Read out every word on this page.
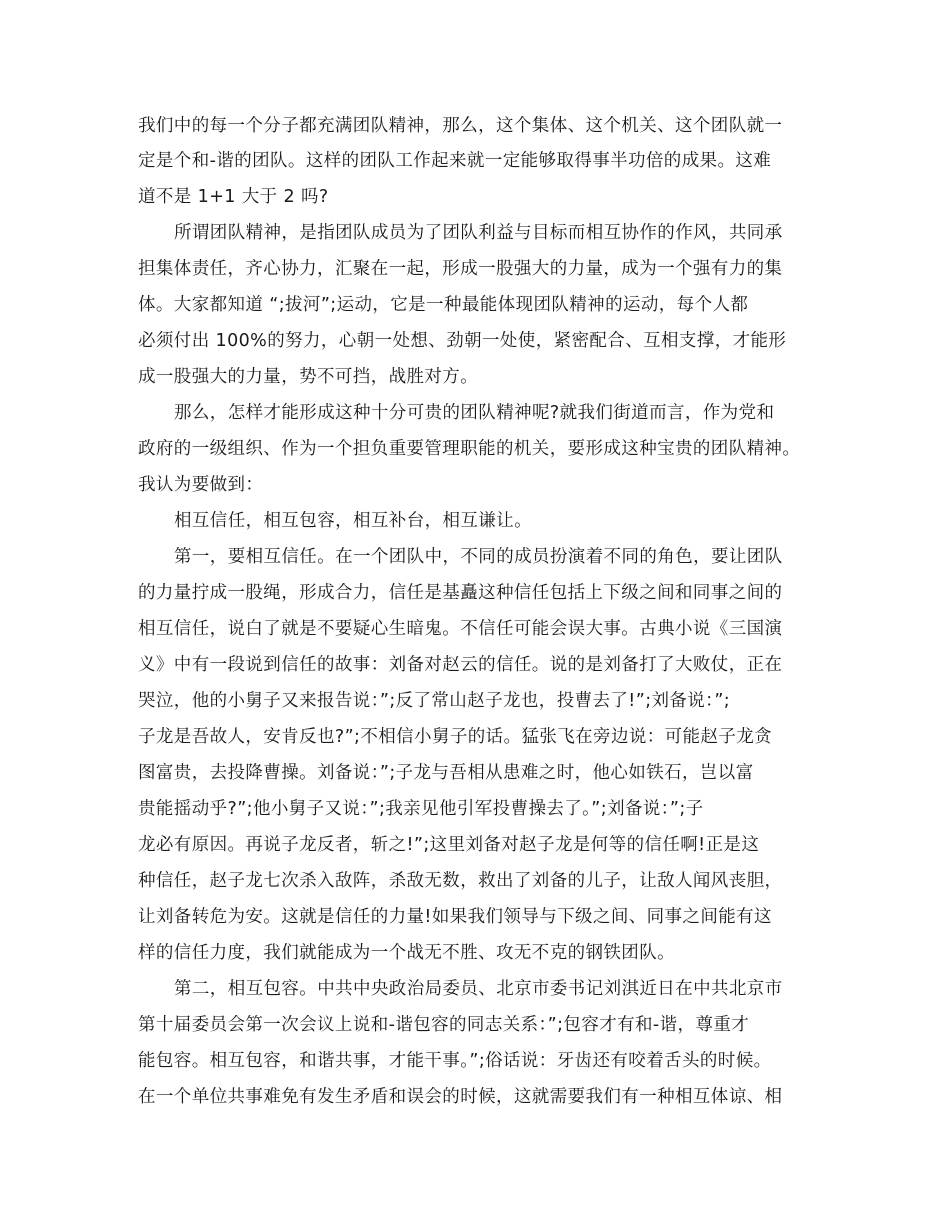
我们中的每一个分子都充满团队精神，那么，这个集体、这个机关、这个团队就一
定是个和-谐的团队。这样的团队工作起来就一定能够取得事半功倍的成果。这难
道不是 1+1 大于 2 吗?
所谓团队精神，是指团队成员为了团队利益与目标而相互协作的作风，共同承
担集体责任，齐心协力，汇聚在一起，形成一股强大的力量，成为一个强有力的集
体。大家都知道 “;拔河”;运动，它是一种最能体现团队精神的运动，每个人都
必须付出 100%的努力，心朝一处想、劲朝一处使，紧密配合、互相支撑，才能形
成一股强大的力量，势不可挡，战胜对方。
那么，怎样才能形成这种十分可贵的团队精神呢?就我们街道而言，作为党和
政府的一级组织、作为一个担负重要管理职能的机关，要形成这种宝贵的团队精神。
我认为要做到：
相互信任，相互包容，相互补台，相互谦让。
第一，要相互信任。在一个团队中，不同的成员扮演着不同的角色，要让团队
的力量拧成一股绳，形成合力，信任是基矗这种信任包括上下级之间和同事之间的
相互信任，说白了就是不要疑心生暗鬼。不信任可能会误大事。古典小说《三国演
义》中有一段说到信任的故事：刘备对赵云的信任。说的是刘备打了大败仗，正在
哭泣，他的小舅子又来报告说：”;反了常山赵子龙也，投曹去了!”;刘备说：”;
子龙是吾故人，安肯反也?”;不相信小舅子的话。猛张飞在旁边说：可能赵子龙贪
图富贵，去投降曹操。刘备说：”;子龙与吾相从患难之时，他心如铁石，岂以富
贵能摇动乎?”;他小舅子又说：”;我亲见他引军投曹操去了。”;刘备说：”;子
龙必有原因。再说子龙反者，斩之!”;这里刘备对赵子龙是何等的信任啊!正是这
种信任，赵子龙七次杀入敌阵，杀敌无数，救出了刘备的儿子，让敌人闻风丧胆，
让刘备转危为安。这就是信任的力量!如果我们领导与下级之间、同事之间能有这
样的信任力度，我们就能成为一个战无不胜、攻无不克的钢铁团队。
第二，相互包容。中共中央政治局委员、北京市委书记刘淇近日在中共北京市
第十届委员会第一次会议上说和-谐包容的同志关系：”;包容才有和-谐，尊重才
能包容。相互包容，和谐共事，才能干事。”;俗话说：牙齿还有咬着舌头的时候。
在一个单位共事难免有发生矛盾和误会的时候，这就需要我们有一种相互体谅、相
